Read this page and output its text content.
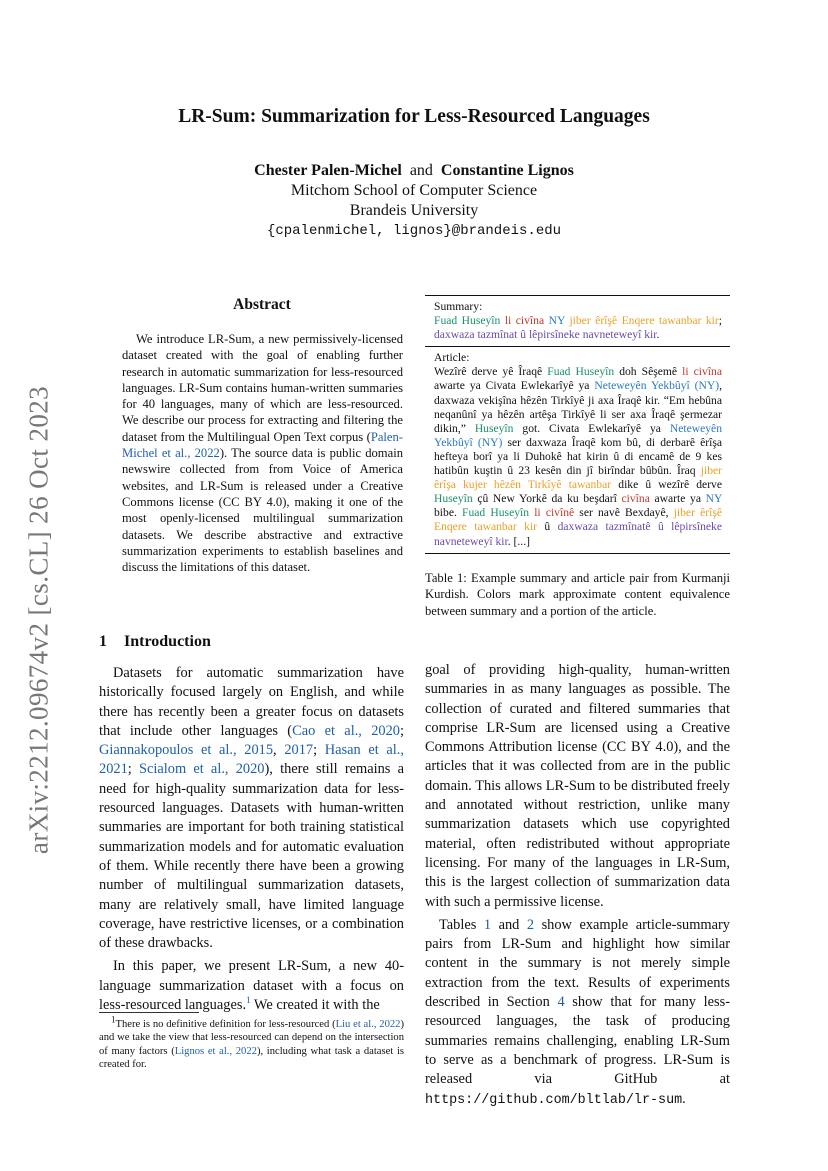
arXiv:2212.09674v2 [cs.CL] 26 Oct 2023
LR-Sum: Summarization for Less-Resourced Languages
Chester Palen-Michel and Constantine Lignos
Mitchom School of Computer Science
Brandeis University
{cpalenmichel, lignos}@brandeis.edu
Abstract

We introduce LR-Sum, a new permissively-licensed dataset created with the goal of enabling further research in automatic summarization for less-resourced languages. LR-Sum contains human-written summaries for 40 languages, many of which are less-resourced. We describe our process for extracting and filtering the dataset from the Multilingual Open Text corpus (Palen-Michel et al., 2022). The source data is public domain newswire collected from from Voice of America websites, and LR-Sum is released under a Creative Commons license (CC BY 4.0), making it one of the most openly-licensed multilingual summarization datasets. We describe abstractive and extractive summarization experiments to establish baselines and discuss the limitations of this dataset.

1 Introduction

Datasets for automatic summarization have historically focused largely on English, and while there has recently been a greater focus on datasets that include other languages (Cao et al., 2020; Giannakopoulos et al., 2015, 2017; Hasan et al., 2021; Scialom et al., 2020), there still remains a need for high-quality summarization data for less-resourced languages. Datasets with human-written summaries are important for both training statistical summarization models and for automatic evaluation of them. While recently there have been a growing number of multilingual summarization datasets, many are relatively small, have limited language coverage, have restrictive licenses, or a combination of these drawbacks.

In this paper, we present LR-Sum, a new 40-language summarization dataset with a focus on less-resourced languages.$^1$ We created it with the

$^1$There is no definitive definition for less-resourced (Liu et al., 2022) and we take the view that less-resourced can depend on the intersection of many factors (Lignos et al., 2022), including what task a dataset is created for.

Summary:
Fuad Huseyîn li civîna NY jiber êrîşê Enqere tawanbar kir; daxwaza tazmînat û lêpirsîneke navneteweyî kir.
Article:
Wezîrê derve yê Îraqê Fuad Huseyîn doh Sêşemê li civîna awarte ya Civata Ewlekarîyê ya Neteweyên Yekbûyî (NY), daxwaza vekişîna hêzên Tirkîyê ji axa Îraqê kir. “Em hebûna neqanûnî ya hêzên artêşa Tirkîyê li ser axa Îraqê şermezar dikin,” Huseyîn got. Civata Ewlekarîyê ya Neteweyên Yekbûyî (NY) ser daxwaza Îraqê kom bû, di derbarê êrîşa hefteya borî ya li Duhokê hat kirin û di encamê de 9 kes hatibûn kuştin û 23 kesên din jî birîndar bûbûn. Îraq jiber êrîşa kujer hêzên Tirkîyê tawanbar dike û wezîrê derve Huseyîn çû New Yorkê da ku beşdarî civîna awarte ya NY bibe. Fuad Huseyîn li civînê ser navê Bexdayê, jiber êrîşê Enqere tawanbar kir û daxwaza tazmînatê û lêpirsîneke navneteweyî kir. [...]
Table 1: Example summary and article pair from Kurmanji Kurdish. Colors mark approximate content equivalence between summary and a portion of the article.

goal of providing high-quality, human-written summaries in as many languages as possible. The collection of curated and filtered summaries that comprise LR-Sum are licensed using a Creative Commons Attribution license (CC BY 4.0), and the articles that it was collected from are in the public domain. This allows LR-Sum to be distributed freely and annotated without restriction, unlike many summarization datasets which use copyrighted material, often redistributed without appropriate licensing. For many of the languages in LR-Sum, this is the largest collection of summarization data with such a permissive license.

Tables 1 and 2 show example article-summary pairs from LR-Sum and highlight how similar content in the summary is not merely simple extraction from the text. Results of experiments described in Section 4 show that for many less-resourced languages, the task of producing summaries remains challenging, enabling LR-Sum to serve as a benchmark of progress. LR-Sum is released via GitHub at https://github.com/bltlab/lr-sum.
